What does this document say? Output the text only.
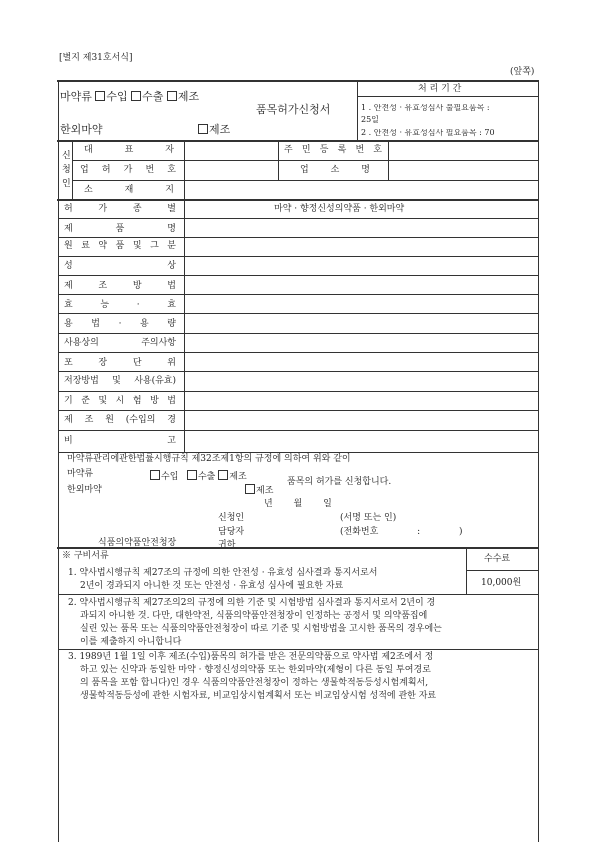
[별지 제31호서식]
(앞쪽)
마약류 수입 수출 제조
품목허가신청서
한외마약	제조
처 리 기 간
1 . 안전성 · 유효성심사 불필요품목 :
25일
2 . 안전성 · 유효성심사 필요품목 : 70
신
청
인
대 표 자	주 민 등 록 번 호
업 허 가 번 호	업 소 명
소 재 지
허 가 종 별	마약 · 향정신성의약품 · 한외마약
제 품 명
원 료 약 품 및 그 분
성 상
제 조 방 법
효 능 · 효
용 법 · 용 량
사용상의 주의사항
포 장 단 위
저장방법 및 사용(유효)
기 준 및 시 험 방 법
제 조 원 (수입의 경
비 고
마약류관리에관한법률시행규칙 제32조제1항의 규정에 의하여 위와 같이
마약류
한외마약
수입 수출 제조
제조
품목의 허가를 신청합니다.
년 월 일
신청인	(서명 또는 인)
담당자	(전화번호 : )
식품의약품안전청장	귀하
※ 구비서류	수수료
10,000원
1. 약사법시행규칙 제27조의 규정에 의한 안전성 · 유효성 심사결과 통지서로서
2년이 경과되지 아니한 것 또는 안전성 · 유효성 심사에 필요한 자료
2. 약사법시행규칙 제27조의2의 규정에 의한 기준 및 시험방법 심사결과 통지서로서 2년이 경
과되지 아니한 것. 다만, 대한약전, 식품의약품안전청장이 인정하는 공정서 및 의약품집에
실린 있는 품목 또는 식품의약품안전청장이 따로 기준 및 시험방법을 고시한 품목의 경우에는
이를 제출하지 아니합니다
3. 1989년 1월 1일 이후 제조(수입)품목의 허가를 받은 전문의약품으로 약사법 제2조에서 정
하고 있는 신약과 동일한 마약 · 향정신성의약품 또는 한외마약(제형이 다른 동일 투여경로
의 품목을 포함 합니다)인 경우 식품의약품안전청장이 정하는 생물학적동등성시험계획서,
생물학적동등성에 관한 시험자료, 비교임상시험계획서 또는 비교임상시험 성적에 관한 자료
